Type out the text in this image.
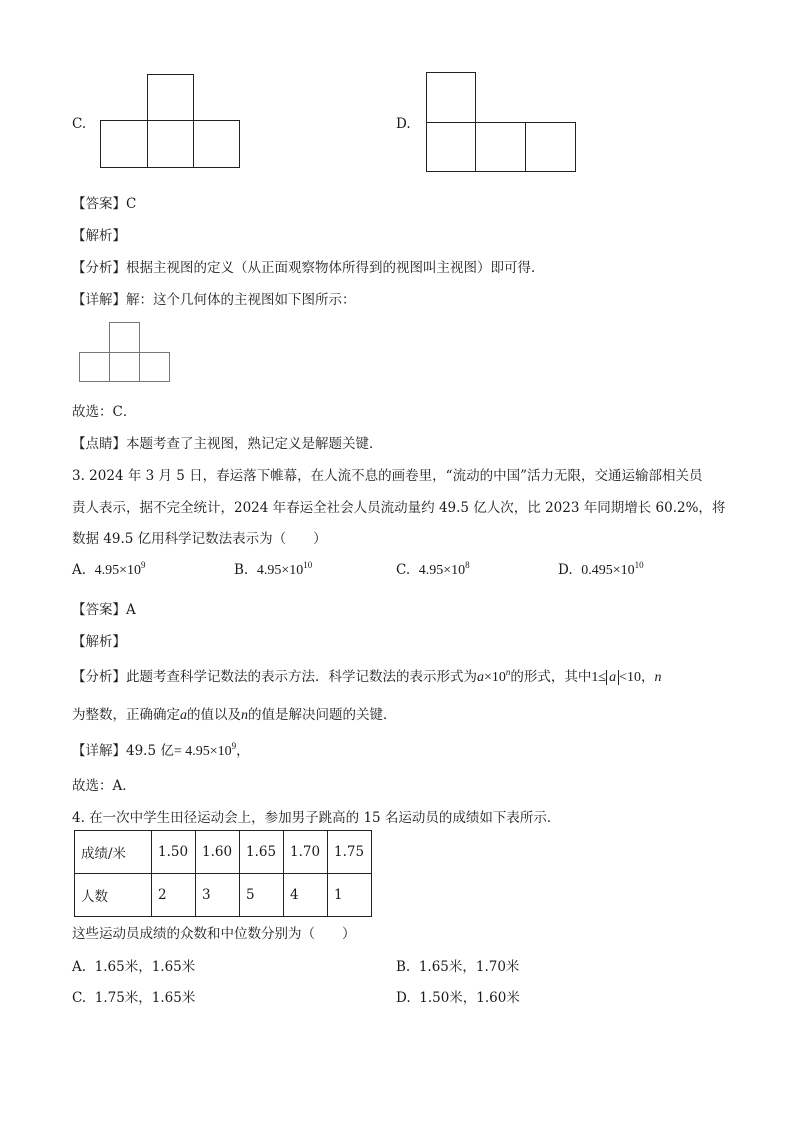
C.	D.
【答案】C
【解析】
【分析】根据主视图的定义（从正面观察物体所得到的视图叫主视图）即可得．
【详解】解：这个几何体的主视图如下图所示：
故选：C．
【点睛】本题考查了主视图，熟记定义是解题关键．
3. 2024 年 3 月 5 日，春运落下帷幕，在人流不息的画卷里，“流动的中国”活力无限，交通运输部相关员
责人表示，据不完全统计，2024 年春运全社会人员流动量约 49.5 亿人次，比 2023 年同期增长 60.2%，将
数据 49.5 亿用科学记数法表示为（　　）
A. $4.95\times 10^9$	B. $4.95\times 10^{10}$	C. $4.95\times 10^8$	D. $0.495\times 10^{10}$
【答案】A
【解析】
【分析】此题考查科学记数法的表示方法．科学记数法的表示形式为$a\times 10^n$的形式，其中1≤ a <10，n
为整数，正确确定a的值以及n的值是解决问题的关键．
【详解】49.5 亿= $4.95\times 10^9$，
故选：A．
4. 在一次中学生田径运动会上，参加男子跳高的 15 名运动员的成绩如下表所示．
成绩/米	1.50	1.60	1.65	1.70	1.75
人数	2	3	5	4	1
这些运动员成绩的众数和中位数分别为（　　）
A. 1.65米，1.65米	B. 1.65米，1.70米
C. 1.75米，1.65米	D. 1.50米，1.60米
